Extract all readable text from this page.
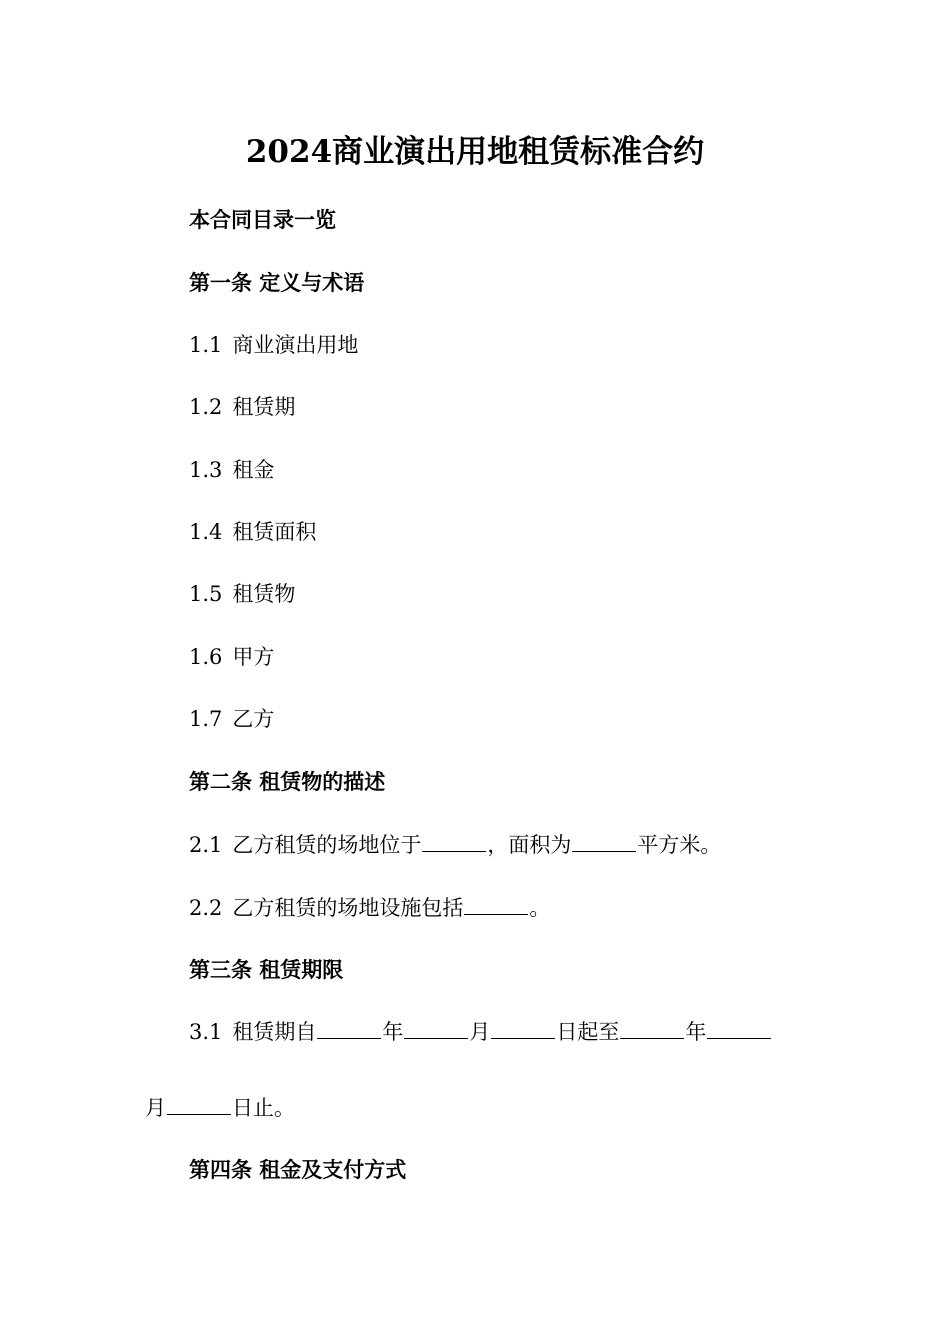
2024商业演出用地租赁标准合约
本合同目录一览
第一条 定义与术语
1.1 商业演出用地
1.2 租赁期
1.3 租金
1.4 租赁面积
1.5 租赁物
1.6 甲方
1.7 乙方
第二条 租赁物的描述
2.1 乙方租赁的场地位于	，面积为	平方米。
2.2 乙方租赁的场地设施包括	。
第三条 租赁期限
3.1 租赁期自	年	月	日起至	年
月	日止。
第四条 租金及支付方式
